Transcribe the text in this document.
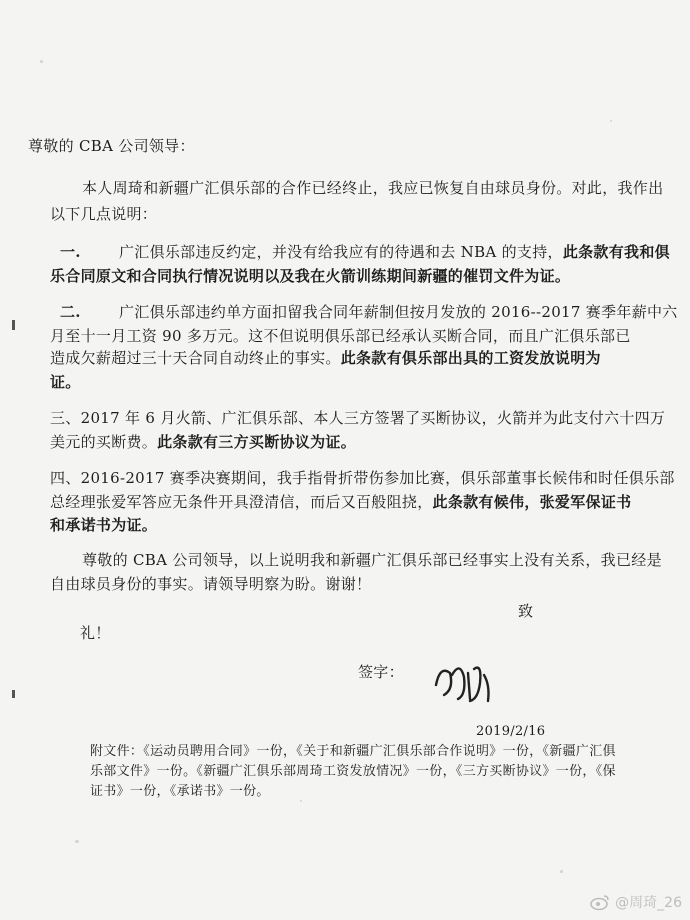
尊敬的 CBA 公司领导：
本人周琦和新疆广汇俱乐部的合作已经终止，我应已恢复自由球员身份。对此，我作出
以下几点说明：
一.	广汇俱乐部违反约定，并没有给我应有的待遇和去 NBA 的支持，此条款有我和俱
乐合同原文和合同执行情况说明以及我在火箭训练期间新疆的催罚文件为证。
二.	广汇俱乐部违约单方面扣留我合同年薪制但按月发放的 2016--2017 赛季年薪中六
月至十一月工资 90 多万元。这不但说明俱乐部已经承认买断合同，而且广汇俱乐部已
造成欠薪超过三十天合同自动终止的事实。此条款有俱乐部出具的工资发放说明为
证。
三、2017 年 6 月火箭、广汇俱乐部、本人三方签署了买断协议，火箭并为此支付六十四万
美元的买断费。此条款有三方买断协议为证。
四、2016-2017 赛季决赛期间，我手指骨折带伤参加比赛，俱乐部董事长候伟和时任俱乐部
总经理张爱军答应无条件开具澄清信，而后又百般阻挠，此条款有候伟，张爱军保证书
和承诺书为证。
尊敬的 CBA 公司领导，以上说明我和新疆广汇俱乐部已经事实上没有关系，我已经是
自由球员身份的事实。请领导明察为盼。谢谢！
致
礼！
签字：
2019/2/16
附文件：《运动员聘用合同》一份，《关于和新疆广汇俱乐部合作说明》一份，《新疆广汇俱
乐部文件》一份。《新疆广汇俱乐部周琦工资发放情况》一份，《三方买断协议》一份，《保
证书》一份，《承诺书》一份。
@周琦_26
